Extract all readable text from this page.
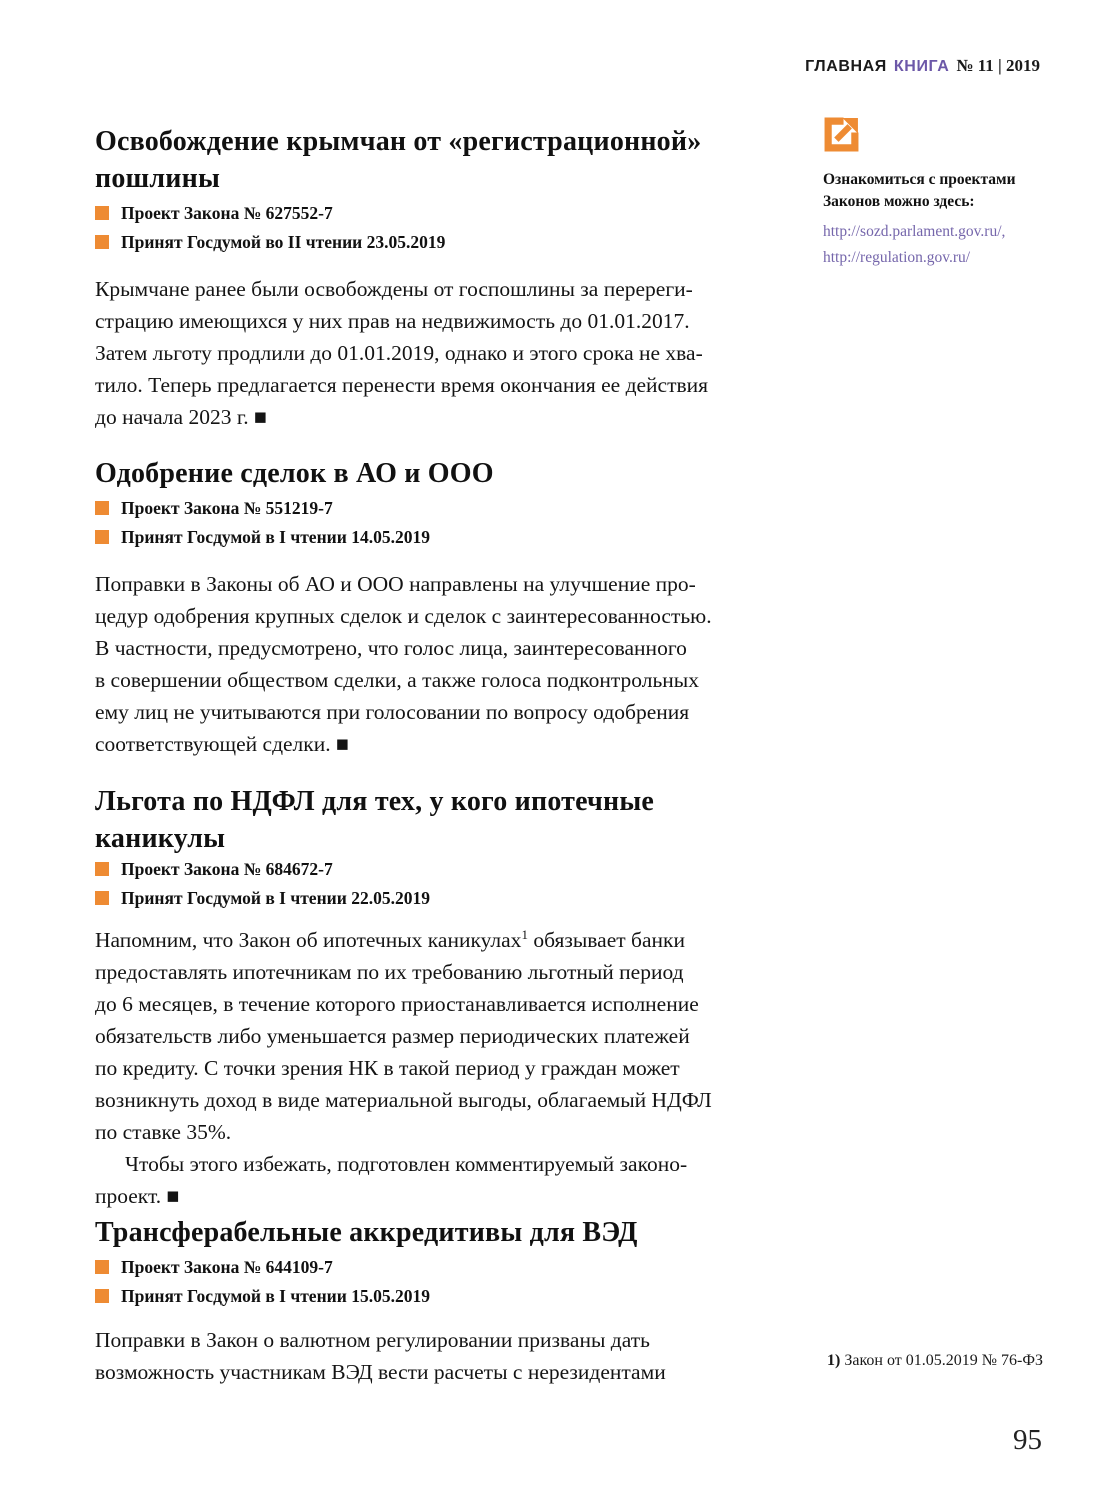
ГЛАВНАЯ КНИГА № 11 | 2019
Освобождение крымчан от «регистрационной»
пошлины
Проект Закона № 627552-7
Принят Госдумой во II чтении 23.05.2019
Крымчане ранее были освобождены от госпошлины за перереги-
страцию имеющихся у них прав на недвижимость до 01.01.2017.
Затем льготу продлили до 01.01.2019, однако и этого срока не хва-
тило. Теперь предлагается перенести время окончания ее действия
до начала 2023 г. ■
Одобрение сделок в АО и ООО
Проект Закона № 551219-7
Принят Госдумой в I чтении 14.05.2019
Поправки в Законы об АО и ООО направлены на улучшение про-
цедур одобрения крупных сделок и сделок с заинтересованностью.
В частности, предусмотрено, что голос лица, заинтересованного
в совершении обществом сделки, а также голоса подконтрольных
ему лиц не учитываются при голосовании по вопросу одобрения
соответствующей сделки. ■
Льгота по НДФЛ для тех, у кого ипотечные
каникулы
Проект Закона № 684672-7
Принят Госдумой в I чтении 22.05.2019
Напомним, что Закон об ипотечных каникулах$^1$ обязывает банки
предоставлять ипотечникам по их требованию льготный период
до 6 месяцев, в течение которого приостанавливается исполнение
обязательств либо уменьшается размер периодических платежей
по кредиту. С точки зрения НК в такой период у граждан может
возникнуть доход в виде материальной выгоды, облагаемый НДФЛ
по ставке 35%.
Чтобы этого избежать, подготовлен комментируемый законо-
проект. ■
Трансферабельные аккредитивы для ВЭД
Проект Закона № 644109-7
Принят Госдумой в I чтении 15.05.2019
Поправки в Закон о валютном регулировании призваны дать
возможность участникам ВЭД вести расчеты с нерезидентами
Ознакомиться с проектами
Законов можно здесь:
http://sozd.parlament.gov.ru/,
http://regulation.gov.ru/
1) Закон от 01.05.2019 № 76-ФЗ
95
